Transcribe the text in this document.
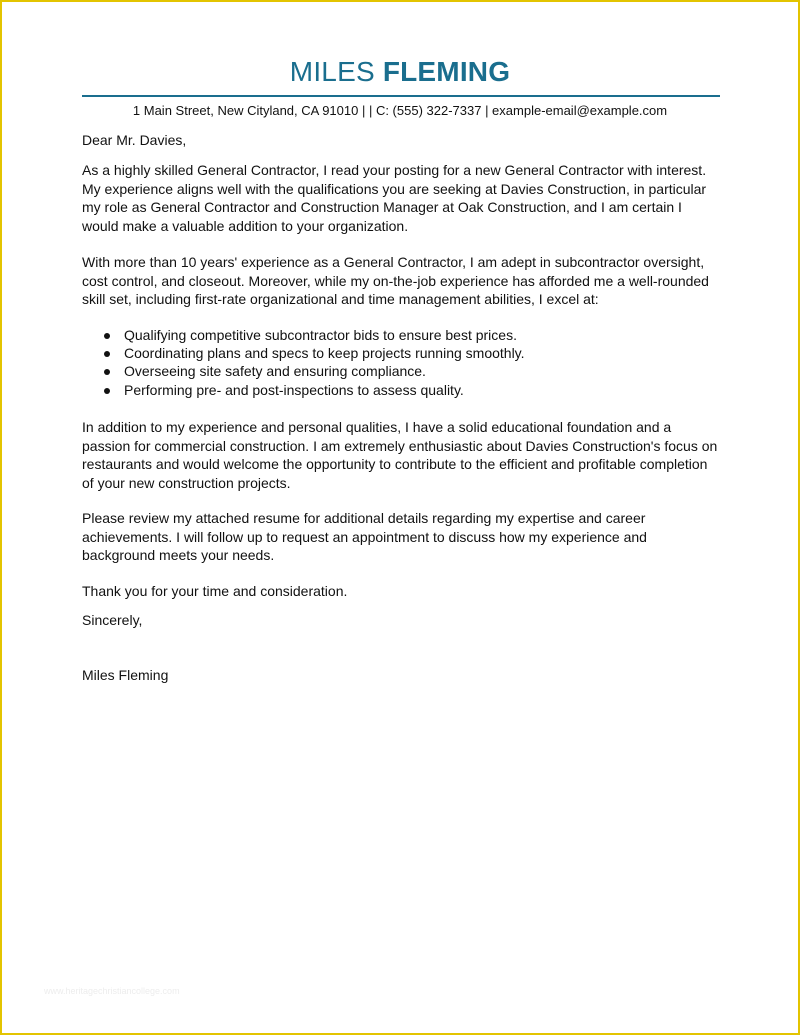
MILES FLEMING
1 Main Street, New Cityland, CA 91010 | | C: (555) 322-7337 | example-email@example.com

Dear Mr. Davies,

As a highly skilled General Contractor, I read your posting for a new General Contractor with interest. My experience aligns well with the qualifications you are seeking at Davies Construction, in particular my role as General Contractor and Construction Manager at Oak Construction, and I am certain I would make a valuable addition to your organization.

With more than 10 years' experience as a General Contractor, I am adept in subcontractor oversight, cost control, and closeout. Moreover, while my on-the-job experience has afforded me a well-rounded skill set, including first-rate organizational and time management abilities, I excel at:

Qualifying competitive subcontractor bids to ensure best prices.
Coordinating plans and specs to keep projects running smoothly.
Overseeing site safety and ensuring compliance.
Performing pre- and post-inspections to assess quality.

In addition to my experience and personal qualities, I have a solid educational foundation and a passion for commercial construction. I am extremely enthusiastic about Davies Construction's focus on restaurants and would welcome the opportunity to contribute to the efficient and profitable completion of your new construction projects.

Please review my attached resume for additional details regarding my expertise and career achievements. I will follow up to request an appointment to discuss how my experience and background meets your needs.

Thank you for your time and consideration.

Sincerely,

Miles Fleming

www.heritagechristiancollege.com
